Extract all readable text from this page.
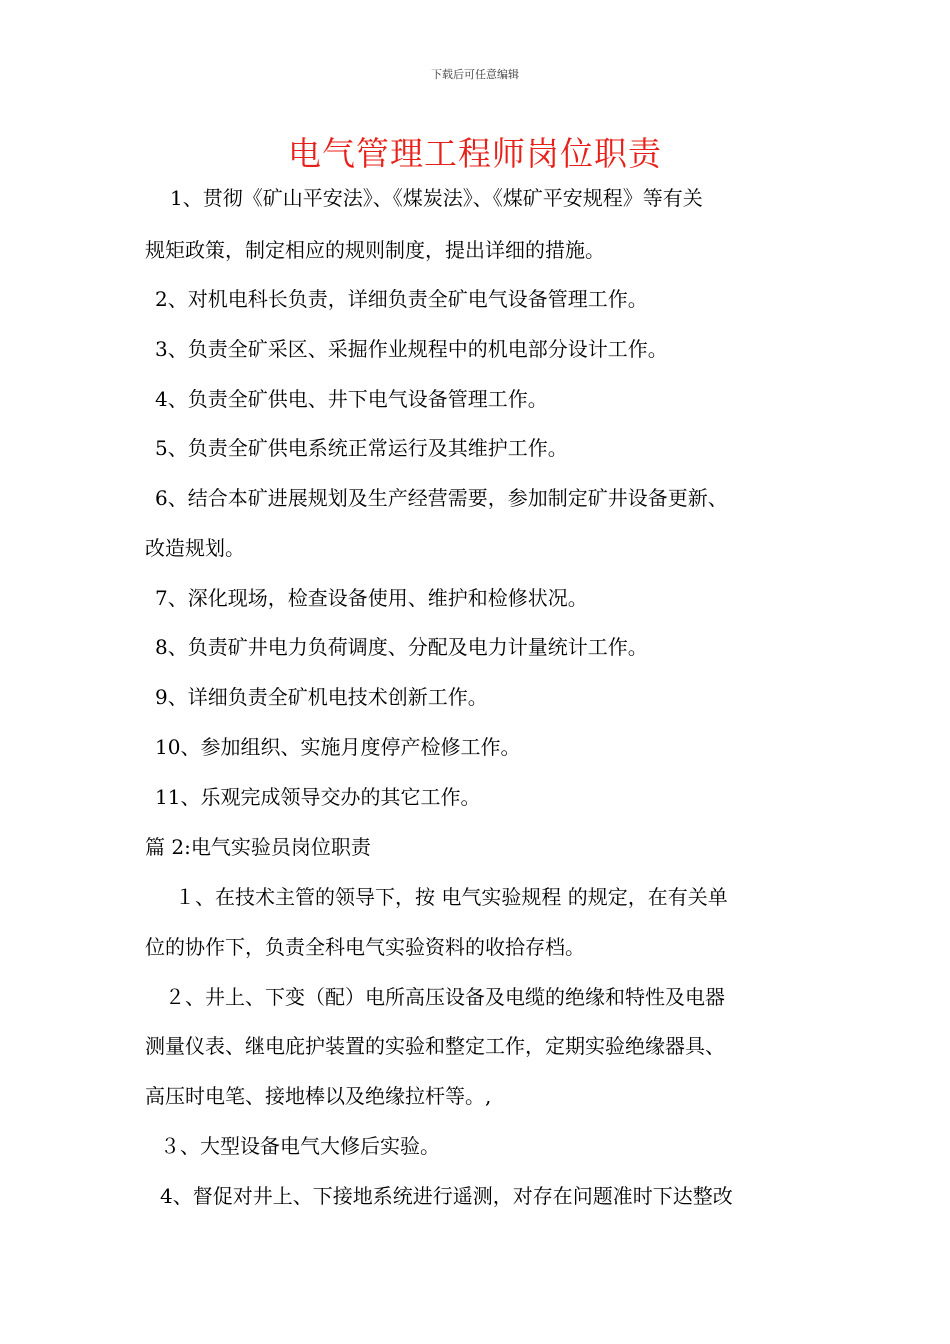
下载后可任意编辑
电气管理工程师岗位职责
1、贯彻《矿山平安法》、《煤炭法》、《煤矿平安规程》等有关
规矩政策，制定相应的规则制度，提出详细的措施。
2、对机电科长负责，详细负责全矿电气设备管理工作。
3、负责全矿采区、采掘作业规程中的机电部分设计工作。
4、负责全矿供电、井下电气设备管理工作。
5、负责全矿供电系统正常运行及其维护工作。
6、结合本矿进展规划及生产经营需要，参加制定矿井设备更新、
改造规划。
7、深化现场，检查设备使用、维护和检修状况。
8、负责矿井电力负荷调度、分配及电力计量统计工作。
9、详细负责全矿机电技术创新工作。
10、参加组织、实施月度停产检修工作。
11、乐观完成领导交办的其它工作。
篇 2:电气实验员岗位职责
１、在技术主管的领导下，按 电气实验规程 的规定，在有关单
位的协作下，负责全科电气实验资料的收拾存档。
２、井上、下变（配）电所高压设备及电缆的绝缘和特性及电器
测量仪表、继电庇护装置的实验和整定工作，定期实验绝缘器具、
高压时电笔、接地棒以及绝缘拉杆等。,
３、大型设备电气大修后实验。
4、督促对井上、下接地系统进行遥测，对存在问题准时下达整改
